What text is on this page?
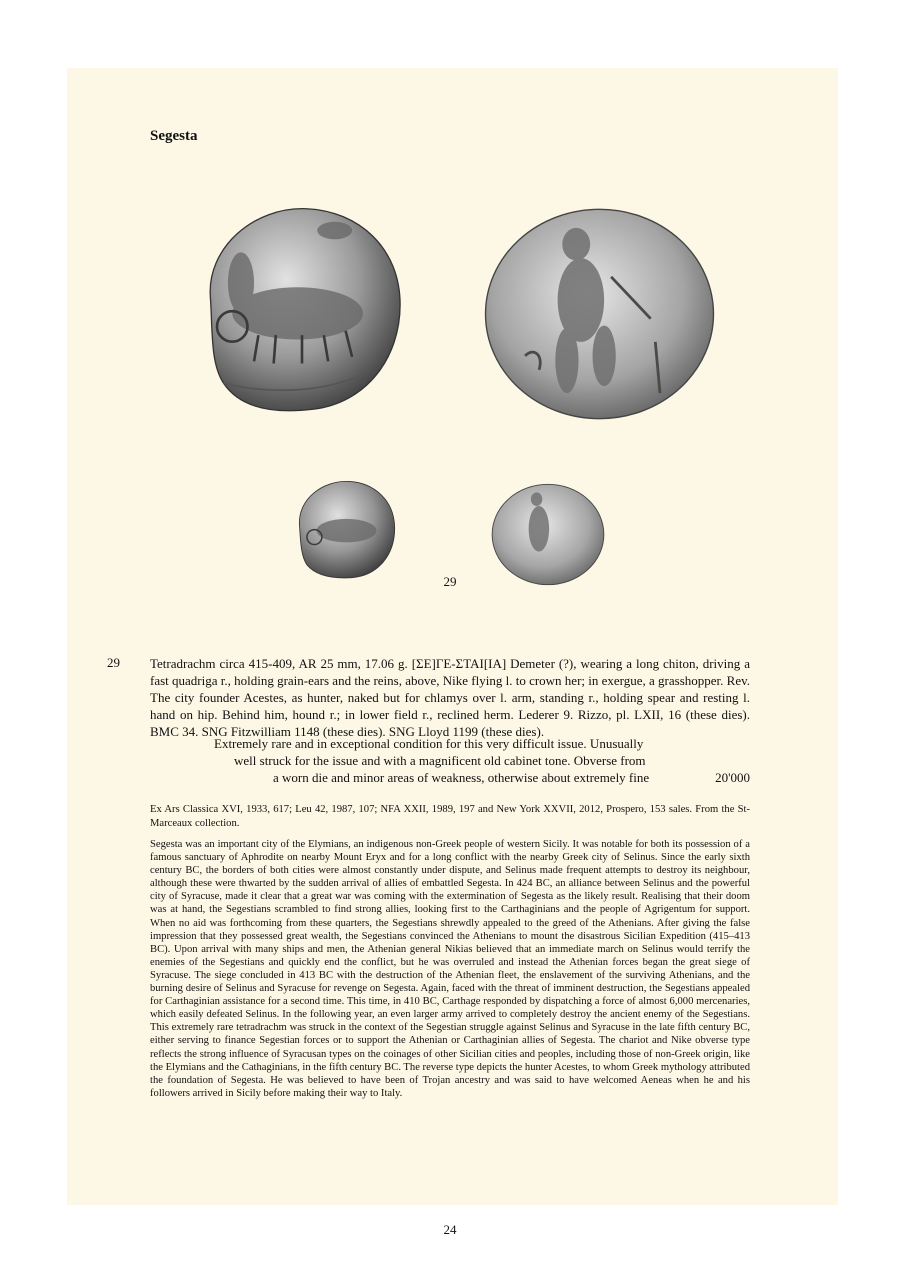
Segesta
29
29 Tetradrachm circa 415-409, AR 25 mm, 17.06 g. [ΣE]ΓE-ΣTAI[IA] Demeter (?), wearing a long chiton, driving a fast quadriga r., holding grain-ears and the reins, above, Nike flying l. to crown her; in exergue, a grasshopper. Rev. The city founder Acestes, as hunter, naked but for chlamys over l. arm, standing r., holding spear and resting l. hand on hip. Behind him, hound r.; in lower field r., reclined herm. Lederer 9. Rizzo, pl. LXII, 16 (these dies). BMC 34. SNG Fitzwilliam 1148 (these dies). SNG Lloyd 1199 (these dies).
Extremely rare and in exceptional condition for this very difficult issue. Unusually
well struck for the issue and with a magnificent old cabinet tone. Obverse from
a worn die and minor areas of weakness, otherwise about extremely fine	20'000
Ex Ars Classica XVI, 1933, 617; Leu 42, 1987, 107; NFA XXII, 1989, 197 and New York XXVII, 2012, Prospero, 153 sales. From the St-Marceaux collection.
Segesta was an important city of the Elymians, an indigenous non-Greek people of western Sicily. It was notable for both its possession of a famous sanctuary of Aphrodite on nearby Mount Eryx and for a long conflict with the nearby Greek city of Selinus. Since the early sixth century BC, the borders of both cities were almost constantly under dispute, and Selinus made frequent attempts to destroy its neighbour, although these were thwarted by the sudden arrival of allies of embattled Segesta. In 424 BC, an alliance between Selinus and the powerful city of Syracuse, made it clear that a great war was coming with the extermination of Segesta as the likely result. Realising that their doom was at hand, the Segestians scrambled to find strong allies, looking first to the Carthaginians and the people of Agrigentum for support. When no aid was forthcoming from these quarters, the Segestians shrewdly appealed to the greed of the Athenians. After giving the false impression that they possessed great wealth, the Segestians convinced the Athenians to mount the disastrous Sicilian Expedition (415–413 BC). Upon arrival with many ships and men, the Athenian general Nikias believed that an immediate march on Selinus would terrify the enemies of the Segestians and quickly end the conflict, but he was overruled and instead the Athenian forces began the great siege of Syracuse. The siege concluded in 413 BC with the destruction of the Athenian fleet, the enslavement of the surviving Athenians, and the burning desire of Selinus and Syracuse for revenge on Segesta. Again, faced with the threat of imminent destruction, the Segestians appealed for Carthaginian assistance for a second time. This time, in 410 BC, Carthage responded by dispatching a force of almost 6,000 mercenaries, which easily defeated Selinus. In the following year, an even larger army arrived to completely destroy the ancient enemy of the Segestians. This extremely rare tetradrachm was struck in the context of the Segestian struggle against Selinus and Syracuse in the late fifth century BC, either serving to finance Segestian forces or to support the Athenian or Carthaginian allies of Segesta. The chariot and Nike obverse type reflects the strong influence of Syracusan types on the coinages of other Sicilian cities and peoples, including those of non-Greek origin, like the Elymians and the Cathaginians, in the fifth century BC. The reverse type depicts the hunter Acestes, to whom Greek mythology attributed the foundation of Segesta. He was believed to have been of Trojan ancestry and was said to have welcomed Aeneas when he and his followers arrived in Sicily before making their way to Italy.
24
